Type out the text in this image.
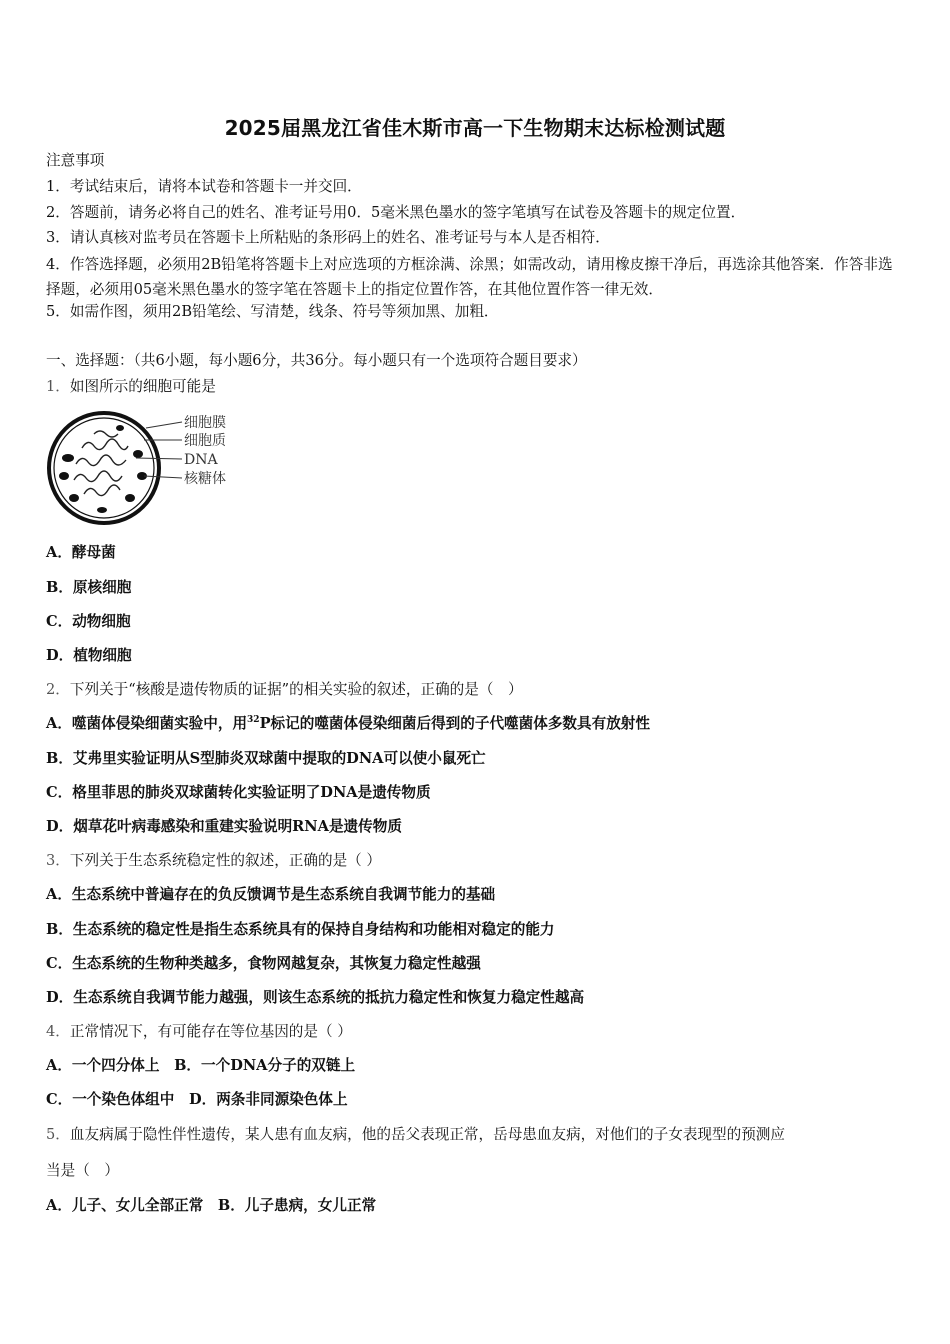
2025届黑龙江省佳木斯市高一下生物期末达标检测试题
注意事项
1．考试结束后，请将本试卷和答题卡一并交回．
2．答题前，请务必将自己的姓名、准考证号用0．5毫米黑色墨水的签字笔填写在试卷及答题卡的规定位置．
3．请认真核对监考员在答题卡上所粘贴的条形码上的姓名、准考证号与本人是否相符．
4．作答选择题，必须用2B铅笔将答题卡上对应选项的方框涂满、涂黑；如需改动，请用橡皮擦干净后，再选涂其他答案．作答非选择题，必须用05毫米黑色墨水的签字笔在答题卡上的指定位置作答，在其他位置作答一律无效．
5．如需作图，须用2B铅笔绘、写清楚，线条、符号等须加黑、加粗．
一、选择题：（共6小题，每小题6分，共36分。每小题只有一个选项符合题目要求）
1．如图所示的细胞可能是
细胞膜
细胞质
DNA
核糖体
A．酵母菌
B．原核细胞
C．动物细胞
D．植物细胞
2．下列关于“核酸是遗传物质的证据”的相关实验的叙述，正确的是（　）
A．噬菌体侵染细菌实验中，用$^{32}$P标记的噬菌体侵染细菌后得到的子代噬菌体多数具有放射性
B．艾弗里实验证明从S型肺炎双球菌中提取的DNA可以使小鼠死亡
C．格里菲思的肺炎双球菌转化实验证明了DNA是遗传物质
D．烟草花叶病毒感染和重建实验说明RNA是遗传物质
3．下列关于生态系统稳定性的叙述，正确的是（ ）
A．生态系统中普遍存在的负反馈调节是生态系统自我调节能力的基础
B．生态系统的稳定性是指生态系统具有的保持自身结构和功能相对稳定的能力
C．生态系统的生物种类越多，食物网越复杂，其恢复力稳定性越强
D．生态系统自我调节能力越强，则该生态系统的抵抗力稳定性和恢复力稳定性越高
4．正常情况下，有可能存在等位基因的是（ ）
A．一个四分体上　B．一个DNA分子的双链上
C．一个染色体组中　D．两条非同源染色体上
5．血友病属于隐性伴性遗传，某人患有血友病，他的岳父表现正常，岳母患血友病，对他们的子女表现型的预测应
当是（　）
A．儿子、女儿全部正常　B．儿子患病，女儿正常
